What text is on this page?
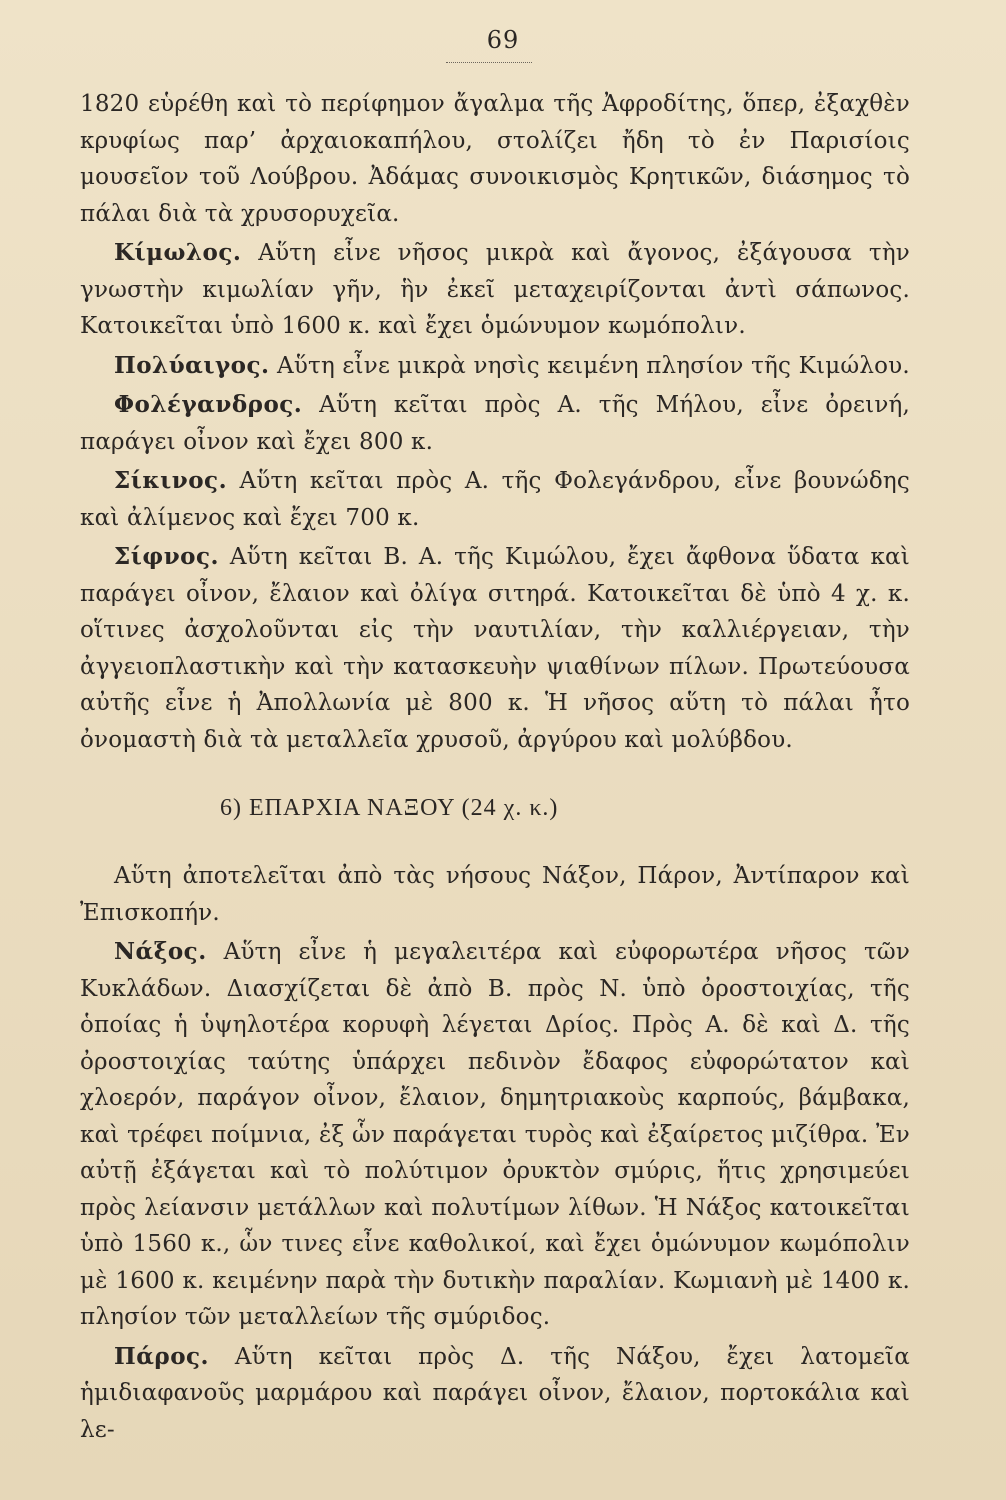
69

1820 εὑρέθη καὶ τὸ περίφημον ἄγαλμα τῆς Ἀφροδίτης, ὅπερ, ἐξαχθὲν κρυφίως παρ’ ἀρχαιοκαπήλου, στολίζει ἤδη τὸ ἐν Παρισίοις μουσεῖον τοῦ Λούβρου. Ἀδάμας συνοικισμὸς Κρητικῶν, διάσημος τὸ πάλαι διὰ τὰ χρυσορυχεῖα.

Κίμωλος. Αὕτη εἶνε νῆσος μικρὰ καὶ ἄγονος, ἐξάγουσα τὴν γνωστὴν κιμωλίαν γῆν, ἣν ἐκεῖ μεταχειρίζονται ἀντὶ σάπωνος. Κατοικεῖται ὑπὸ 1600 κ. καὶ ἔχει ὁμώνυμον κωμόπολιν.

Πολύαιγος. Αὕτη εἶνε μικρὰ νησὶς κειμένη πλησίον τῆς Κιμώλου.

Φολέγανδρος. Αὕτη κεῖται πρὸς Α. τῆς Μήλου, εἶνε ὀρεινή, παράγει οἶνον καὶ ἔχει 800 κ.

Σίκινος. Αὕτη κεῖται πρὸς Α. τῆς Φολεγάνδρου, εἶνε βουνώδης καὶ ἀλίμενος καὶ ἔχει 700 κ.

Σίφνος. Αὕτη κεῖται Β. Α. τῆς Κιμώλου, ἔχει ἄφθονα ὕδατα καὶ παράγει οἶνον, ἔλαιον καὶ ὀλίγα σιτηρά. Κατοικεῖται δὲ ὑπὸ 4 χ. κ. οἵτινες ἀσχολοῦνται εἰς τὴν ναυτιλίαν, τὴν καλλιέργειαν, τὴν ἀγγειοπλαστικὴν καὶ τὴν κατασκευὴν ψιαθίνων πίλων. Πρωτεύουσα αὐτῆς εἶνε ἡ Ἀπολλωνία μὲ 800 κ. Ἡ νῆσος αὕτη τὸ πάλαι ἦτο ὀνομαστὴ διὰ τὰ μεταλλεῖα χρυσοῦ, ἀργύρου καὶ μολύβδου.

6) ΕΠΑΡΧΙΑ ΝΑΞΟΥ (24 χ. κ.)

Αὕτη ἀποτελεῖται ἀπὸ τὰς νήσους Νάξον, Πάρον, Ἀντίπαρον καὶ Ἐπισκοπήν.

Νάξος. Αὕτη εἶνε ἡ μεγαλειτέρα καὶ εὐφορωτέρα νῆσος τῶν Κυκλάδων. Διασχίζεται δὲ ἀπὸ Β. πρὸς Ν. ὑπὸ ὀροστοιχίας, τῆς ὁποίας ἡ ὑψηλοτέρα κορυφὴ λέγεται Δρίος. Πρὸς Α. δὲ καὶ Δ. τῆς ὀροστοιχίας ταύτης ὑπάρχει πεδινὸν ἔδαφος εὐφορώτατον καὶ χλοερόν, παράγον οἶνον, ἔλαιον, δημητριακοὺς καρπούς, βάμβακα, καὶ τρέφει ποίμνια, ἐξ ὧν παράγεται τυρὸς καὶ ἐξαίρετος μιζίθρα. Ἐν αὐτῇ ἐξάγεται καὶ τὸ πολύτιμον ὀρυκτὸν σμύρις, ἥτις χρησιμεύει πρὸς λείανσιν μετάλλων καὶ πολυτίμων λίθων. Ἡ Νάξος κατοικεῖται ὑπὸ 1560 κ., ὧν τινες εἶνε καθολικοί, καὶ ἔχει ὁμώνυμον κωμόπολιν μὲ 1600 κ. κειμένην παρὰ τὴν δυτικὴν παραλίαν. Κωμιανὴ μὲ 1400 κ. πλησίον τῶν μεταλλείων τῆς σμύριδος.

Πάρος. Αὕτη κεῖται πρὸς Δ. τῆς Νάξου, ἔχει λατομεῖα ἡμιδιαφανοῦς μαρμάρου καὶ παράγει οἶνον, ἔλαιον, πορτοκάλια καὶ λε-
